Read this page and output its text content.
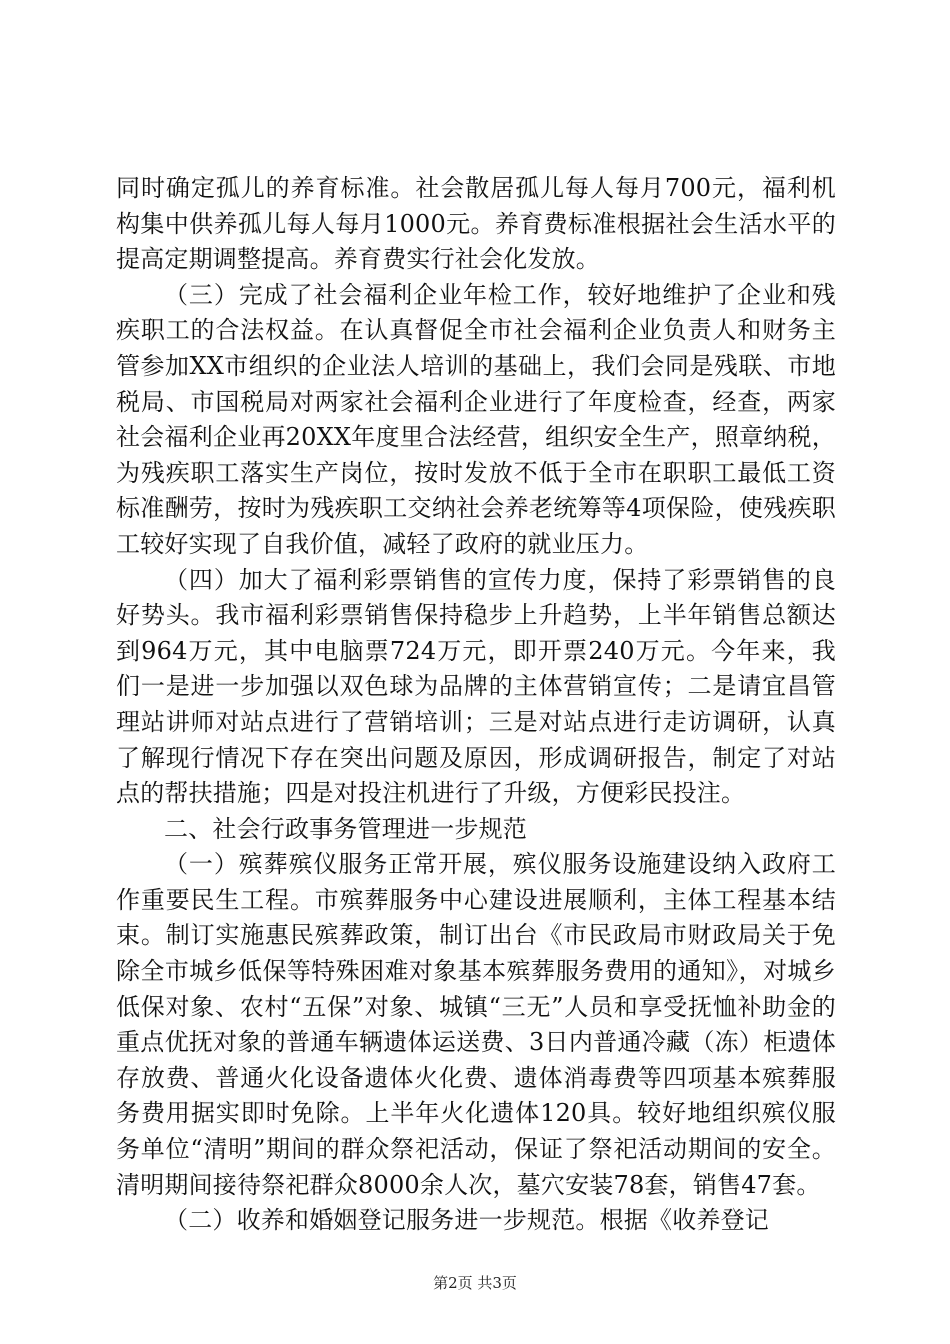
同时确定孤儿的养育标准。社会散居孤儿每人每月700元，福利机构集中供养孤儿每人每月1000元。养育费标准根据社会生活水平的提高定期调整提高。养育费实行社会化发放。

（三）完成了社会福利企业年检工作，较好地维护了企业和残疾职工的合法权益。在认真督促全市社会福利企业负责人和财务主管参加XX市组织的企业法人培训的基础上，我们会同是残联、市地税局、市国税局对两家社会福利企业进行了年度检查，经查，两家社会福利企业再20XX年度里合法经营，组织安全生产，照章纳税，为残疾职工落实生产岗位，按时发放不低于全市在职职工最低工资标准酬劳，按时为残疾职工交纳社会养老统筹等4项保险，使残疾职工较好实现了自我价值，减轻了政府的就业压力。

（四）加大了福利彩票销售的宣传力度，保持了彩票销售的良好势头。我市福利彩票销售保持稳步上升趋势，上半年销售总额达到964万元，其中电脑票724万元，即开票240万元。今年来，我们一是进一步加强以双色球为品牌的主体营销宣传；二是请宜昌管理站讲师对站点进行了营销培训；三是对站点进行走访调研，认真了解现行情况下存在突出问题及原因，形成调研报告，制定了对站点的帮扶措施；四是对投注机进行了升级，方便彩民投注。

二、社会行政事务管理进一步规范

（一）殡葬殡仪服务正常开展，殡仪服务设施建设纳入政府工作重要民生工程。市殡葬服务中心建设进展顺利，主体工程基本结束。制订实施惠民殡葬政策，制订出台《市民政局市财政局关于免除全市城乡低保等特殊困难对象基本殡葬服务费用的通知》，对城乡低保对象、农村“五保”对象、城镇“三无”人员和享受抚恤补助金的重点优抚对象的普通车辆遗体运送费、3日内普通冷藏（冻）柜遗体存放费、普通火化设备遗体火化费、遗体消毒费等四项基本殡葬服务费用据实即时免除。上半年火化遗体120具。较好地组织殡仪服务单位“清明”期间的群众祭祀活动，保证了祭祀活动期间的安全。清明期间接待祭祀群众8000余人次，墓穴安装78套，销售47套。

（二）收养和婚姻登记服务进一步规范。根据《收养登记

第2页 共3页
